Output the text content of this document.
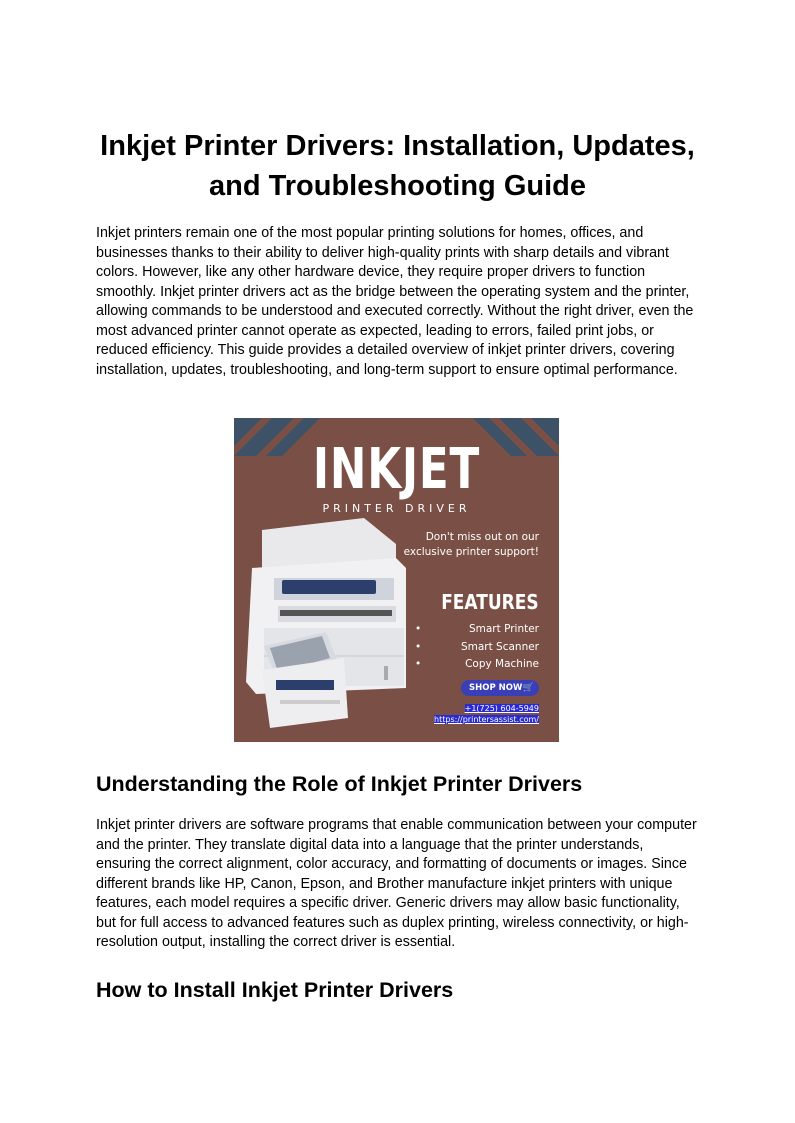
Inkjet Printer Drivers: Installation, Updates, and Troubleshooting Guide
Inkjet printers remain one of the most popular printing solutions for homes, offices, and businesses thanks to their ability to deliver high-quality prints with sharp details and vibrant colors. However, like any other hardware device, they require proper drivers to function smoothly. Inkjet printer drivers act as the bridge between the operating system and the printer, allowing commands to be understood and executed correctly. Without the right driver, even the most advanced printer cannot operate as expected, leading to errors, failed print jobs, or reduced efficiency. This guide provides a detailed overview of inkjet printer drivers, covering installation, updates, troubleshooting, and long-term support to ensure optimal performance.
INKJET
PRINTER DRIVER
Don't miss out on our exclusive printer support!
FEATURES
•	Smart Printer
•	Smart Scanner
•	Copy Machine
SHOP NOW 🛒
+1(725) 604-5949
https://printersassist.com/
Understanding the Role of Inkjet Printer Drivers
Inkjet printer drivers are software programs that enable communication between your computer and the printer. They translate digital data into a language that the printer understands, ensuring the correct alignment, color accuracy, and formatting of documents or images. Since different brands like HP, Canon, Epson, and Brother manufacture inkjet printers with unique features, each model requires a specific driver. Generic drivers may allow basic functionality, but for full access to advanced features such as duplex printing, wireless connectivity, or high-resolution output, installing the correct driver is essential.
How to Install Inkjet Printer Drivers
